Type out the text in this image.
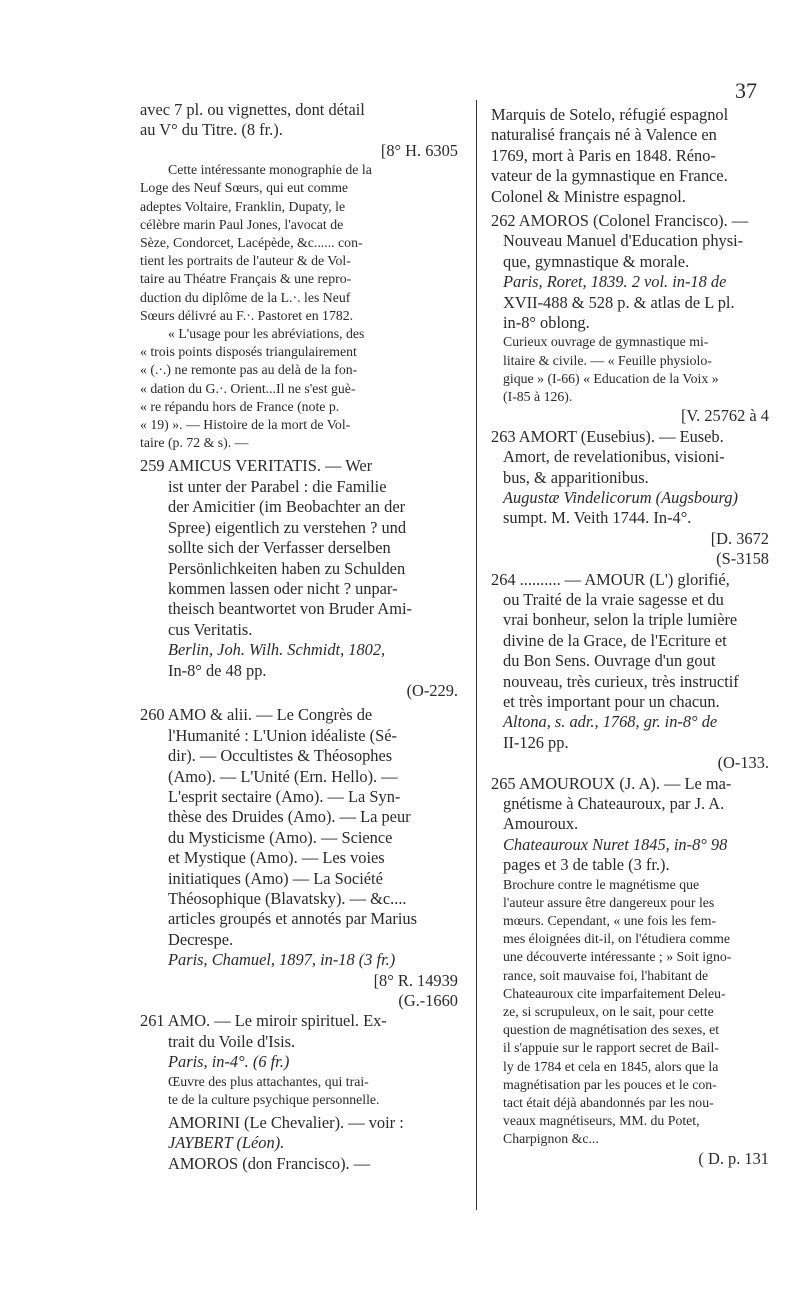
37
avec 7 pl. ou vignettes, dont détail
au V° du Titre. (8 fr.).
[8° H. 6305
Cette intéressante monographie de la
Loge des Neuf Sœurs, qui eut comme
adeptes Voltaire, Franklin, Dupaty, le
célèbre marin Paul Jones, l'avocat de
Sèze, Condorcet, Lacépède, &c...... con-
tient les portraits de l'auteur & de Vol-
taire au Théatre Français & une repro-
duction du diplôme de la L.·. les Neuf
Sœurs délivré au F.·. Pastoret en 1782.
« L'usage pour les abréviations, des
« trois points disposés triangulairement
« (.·.) ne remonte pas au delà de la fon-
« dation du G.·. Orient...Il ne s'est guè-
« re répandu hors de France (note p.
« 19) ». — Histoire de la mort de Vol-
taire (p. 72 & s). —
259 AMICUS VERITATIS. — Wer
ist unter der Parabel : die Familie
der Amicitier (im Beobachter an der
Spree) eigentlich zu verstehen ? und
sollte sich der Verfasser derselben
Persönlichkeiten haben zu Schulden
kommen lassen oder nicht ? unpar-
theisch beantwortet von Bruder Ami-
cus Veritatis.
Berlin, Joh. Wilh. Schmidt, 1802,
In-8° de 48 pp.
(O-229.
260 AMO & alii. — Le Congrès de
l'Humanité : L'Union idéaliste (Sé-
dir). — Occultistes & Théosophes
(Amo). — L'Unité (Ern. Hello). —
L'esprit sectaire (Amo). — La Syn-
thèse des Druides (Amo). — La peur
du Mysticisme (Amo). — Science
et Mystique (Amo). — Les voies
initiatiques (Amo) — La Société
Théosophique (Blavatsky). — &c....
articles groupés et annotés par Marius
Decrespe.
Paris, Chamuel, 1897, in-18 (3 fr.)
[8° R. 14939
(G.-1660
261 AMO. — Le miroir spirituel. Ex-
trait du Voile d'Isis.
Paris, in-4°. (6 fr.)
Œuvre des plus attachantes, qui trai-
te de la culture psychique personnelle.
AMORINI (Le Chevalier). — voir :
JAYBERT (Léon).
AMOROS (don Francisco). —
Marquis de Sotelo, réfugié espagnol
naturalisé français né à Valence en
1769, mort à Paris en 1848. Réno-
vateur de la gymnastique en France.
Colonel & Ministre espagnol.
262 AMOROS (Colonel Francisco). —
Nouveau Manuel d'Education physi-
que, gymnastique & morale.
Paris, Roret, 1839. 2 vol. in-18 de
XVII-488 & 528 p. & atlas de L pl.
in-8° oblong.
Curieux ouvrage de gymnastique mi-
litaire & civile. — « Feuille physiolo-
gique » (I-66) « Education de la Voix »
(I-85 à 126).
[V. 25762 à 4
263 AMORT (Eusebius). — Euseb.
Amort, de revelationibus, visioni-
bus, & apparitionibus.
Augustæ Vindelicorum (Augsbourg)
sumpt. M. Veith 1744. In-4°.
[D. 3672
(S-3158
264 .......... — AMOUR (L') glorifié,
ou Traité de la vraie sagesse et du
vrai bonheur, selon la triple lumière
divine de la Grace, de l'Ecriture et
du Bon Sens. Ouvrage d'un gout
nouveau, très curieux, très instructif
et très important pour un chacun.
Altona, s. adr., 1768, gr. in-8° de
II-126 pp.
(O-133.
265 AMOUROUX (J. A). — Le ma-
gnétisme à Chateauroux, par J. A.
Amouroux.
Chateauroux Nuret 1845, in-8° 98
pages et 3 de table (3 fr.).
Brochure contre le magnétisme que
l'auteur assure être dangereux pour les
mœurs. Cependant, « une fois les fem-
mes éloignées dit-il, on l'étudiera comme
une découverte intéressante ; » Soit igno-
rance, soit mauvaise foi, l'habitant de
Chateauroux cite imparfaitement Deleu-
ze, si scrupuleux, on le sait, pour cette
question de magnétisation des sexes, et
il s'appuie sur le rapport secret de Bail-
ly de 1784 et cela en 1845, alors que la
magnétisation par les pouces et le con-
tact était déjà abandonnés par les nou-
veaux magnétiseurs, MM. du Potet,
Charpignon &c...
( D. p. 131
